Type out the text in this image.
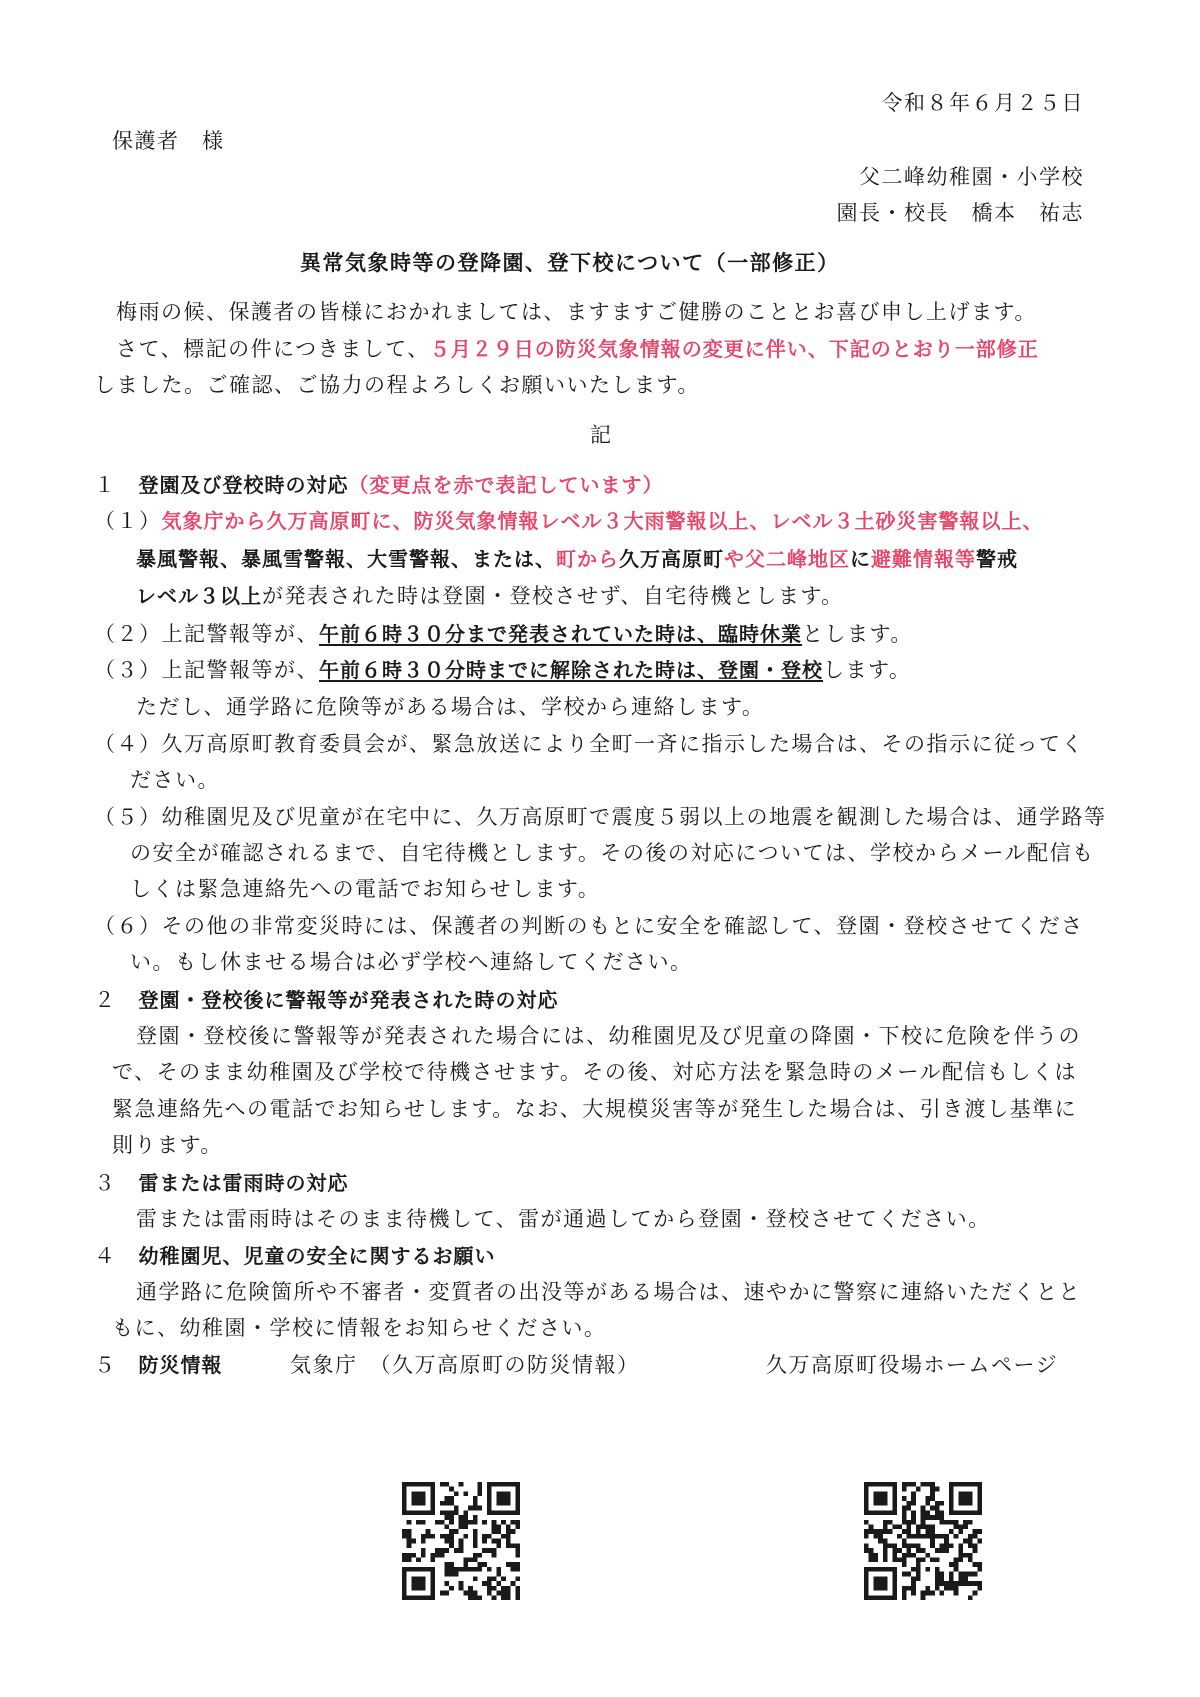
令和８年６月２５日
保護者　様
父二峰幼稚園・小学校
園長・校長　橋本　祐志
異常気象時等の登降園、登下校について（一部修正）
梅雨の候、保護者の皆様におかれましては、ますますご健勝のこととお喜び申し上げます。
さて、標記の件につきまして、５月２９日の防災気象情報の変更に伴い、下記のとおり一部修正
しました。ご確認、ご協力の程よろしくお願いいたします。
記
１ 登園及び登校時の対応（変更点を赤で表記しています）
（１）気象庁から久万高原町に、防災気象情報レベル３大雨警報以上、レベル３土砂災害警報以上、
暴風警報、暴風雪警報、大雪警報、または、町から久万高原町や父二峰地区に避難情報等警戒
レベル３以上が発表された時は登園・登校させず、自宅待機とします。
（２）上記警報等が、午前６時３０分まで発表されていた時は、臨時休業とします。
（３）上記警報等が、午前６時３０分時までに解除された時は、登園・登校します。
ただし、通学路に危険等がある場合は、学校から連絡します。
（４）久万高原町教育委員会が、緊急放送により全町一斉に指示した場合は、その指示に従ってく
ださい。
（５）幼稚園児及び児童が在宅中に、久万高原町で震度５弱以上の地震を観測した場合は、通学路等
の安全が確認されるまで、自宅待機とします。その後の対応については、学校からメール配信も
しくは緊急連絡先への電話でお知らせします。
（６）その他の非常変災時には、保護者の判断のもとに安全を確認して、登園・登校させてくださ
い。もし休ませる場合は必ず学校へ連絡してください。
２ 登園・登校後に警報等が発表された時の対応
登園・登校後に警報等が発表された場合には、幼稚園児及び児童の降園・下校に危険を伴うの
で、そのまま幼稚園及び学校で待機させます。その後、対応方法を緊急時のメール配信もしくは
緊急連絡先への電話でお知らせします。なお、大規模災害等が発生した場合は、引き渡し基準に
則ります。
３ 雷または雷雨時の対応
雷または雷雨時はそのまま待機して、雷が通過してから登園・登校させてください。
４ 幼稚園児、児童の安全に関するお願い
通学路に危険箇所や不審者・変質者の出没等がある場合は、速やかに警察に連絡いただくとと
もに、幼稚園・学校に情報をお知らせください。
５ 防災情報	気象庁　（久万高原町の防災情報）	久万高原町役場ホームページ
